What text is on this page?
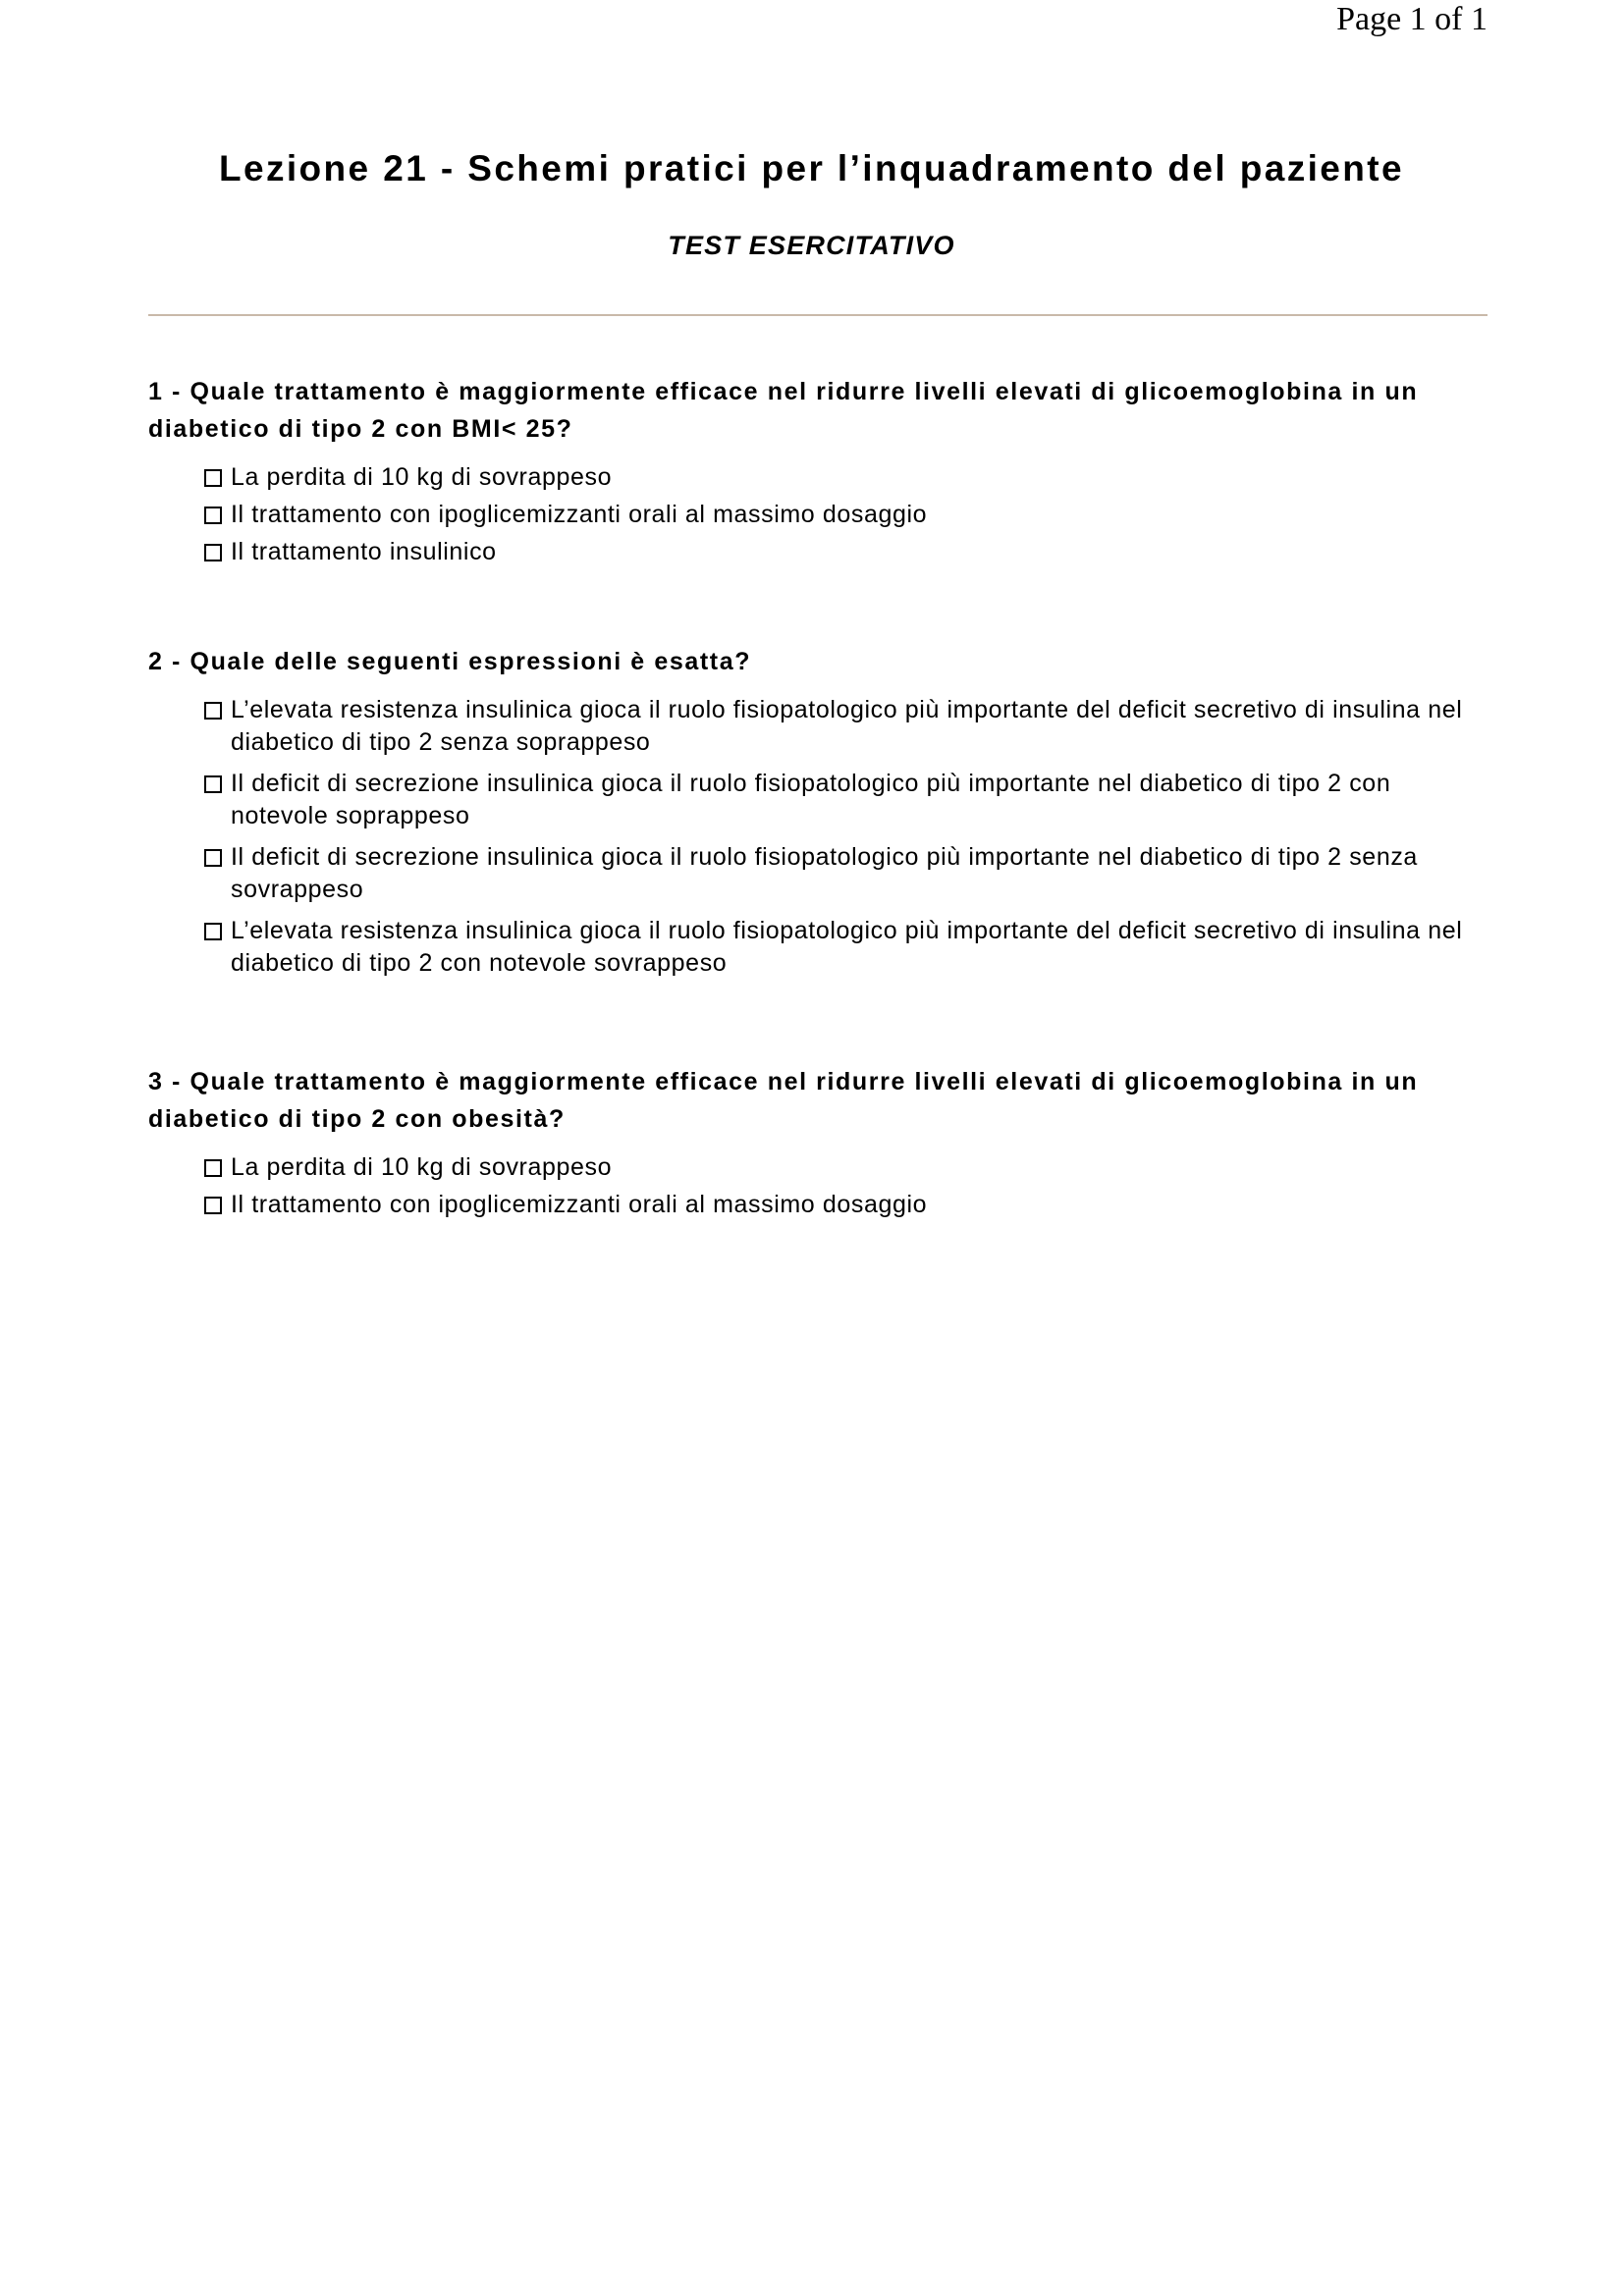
Page 1 of 1
Lezione 21 - Schemi pratici per l’inquadramento del paziente
TEST ESERCITATIVO

1 - Quale trattamento è maggiormente efficace nel ridurre livelli elevati di glicoemoglobina in un diabetico di tipo 2 con BMI< 25?

La perdita di 10 kg di sovrappeso
Il trattamento con ipoglicemizzanti orali al massimo dosaggio
Il trattamento insulinico

2 - Quale delle seguenti espressioni è esatta?

L’elevata resistenza insulinica gioca il ruolo fisiopatologico più importante del deficit secretivo di insulina nel diabetico di tipo 2 senza soprappeso
Il deficit di secrezione insulinica gioca il ruolo fisiopatologico più importante nel diabetico di tipo 2 con notevole soprappeso
Il deficit di secrezione insulinica gioca il ruolo fisiopatologico più importante nel diabetico di tipo 2 senza sovrappeso
L’elevata resistenza insulinica gioca il ruolo fisiopatologico più importante del deficit secretivo di insulina nel diabetico di tipo 2 con notevole sovrappeso

3 - Quale trattamento è maggiormente efficace nel ridurre livelli elevati di glicoemoglobina in un diabetico di tipo 2 con obesità?

La perdita di 10 kg di sovrappeso
Il trattamento con ipoglicemizzanti orali al massimo dosaggio
